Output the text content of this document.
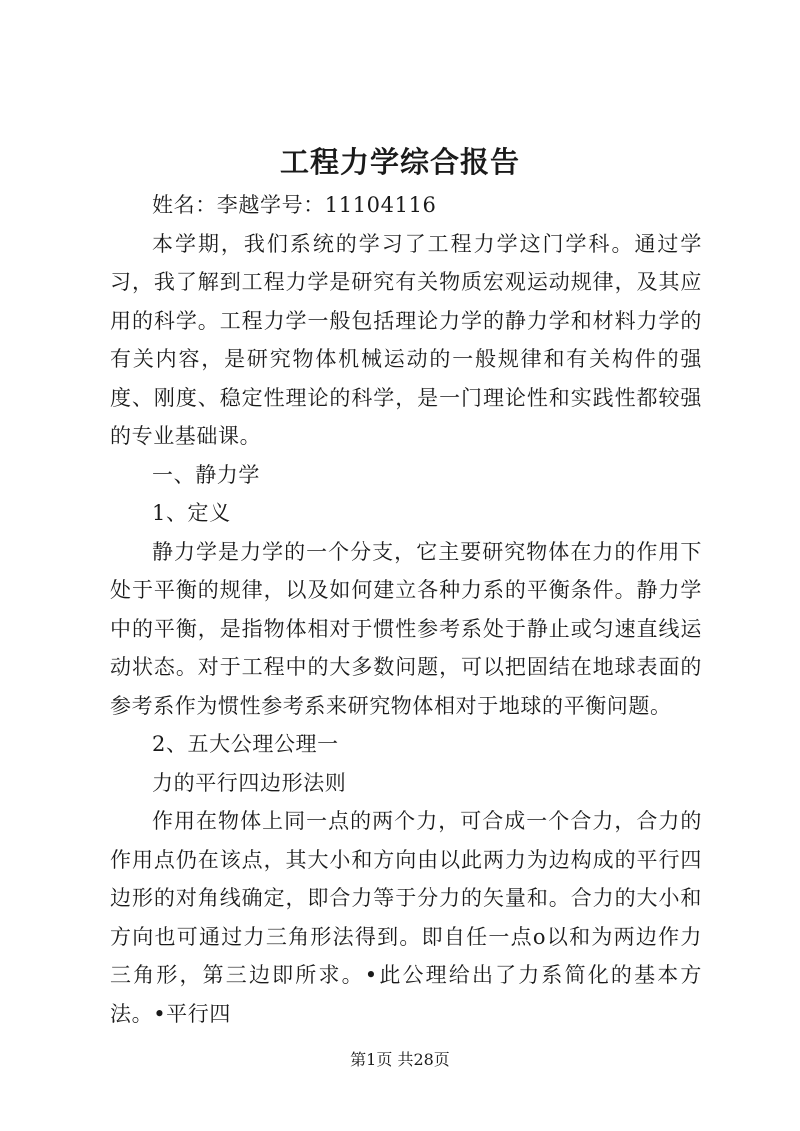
工程力学综合报告

姓名：李越学号：11104116

本学期，我们系统的学习了工程力学这门学科。通过学习，我了解到工程力学是研究有关物质宏观运动规律，及其应用的科学。工程力学一般包括理论力学的静力学和材料力学的有关内容，是研究物体机械运动的一般规律和有关构件的强度、刚度、稳定性理论的科学，是一门理论性和实践性都较强的专业基础课。

一、静力学

1、定义

静力学是力学的一个分支，它主要研究物体在力的作用下处于平衡的规律，以及如何建立各种力系的平衡条件。静力学中的平衡，是指物体相对于惯性参考系处于静止或匀速直线运动状态。对于工程中的大多数问题，可以把固结在地球表面的参考系作为惯性参考系来研究物体相对于地球的平衡问题。

2、五大公理公理一

力的平行四边形法则

作用在物体上同一点的两个力，可合成一个合力，合力的作用点仍在该点，其大小和方向由以此两力为边构成的平行四边形的对角线确定，即合力等于分力的矢量和。合力的大小和方向也可通过力三角形法得到。即自任一点o以和为两边作力三角形，第三边即所求。•此公理给出了力系简化的基本方法。•平行四

第1页 共28页
